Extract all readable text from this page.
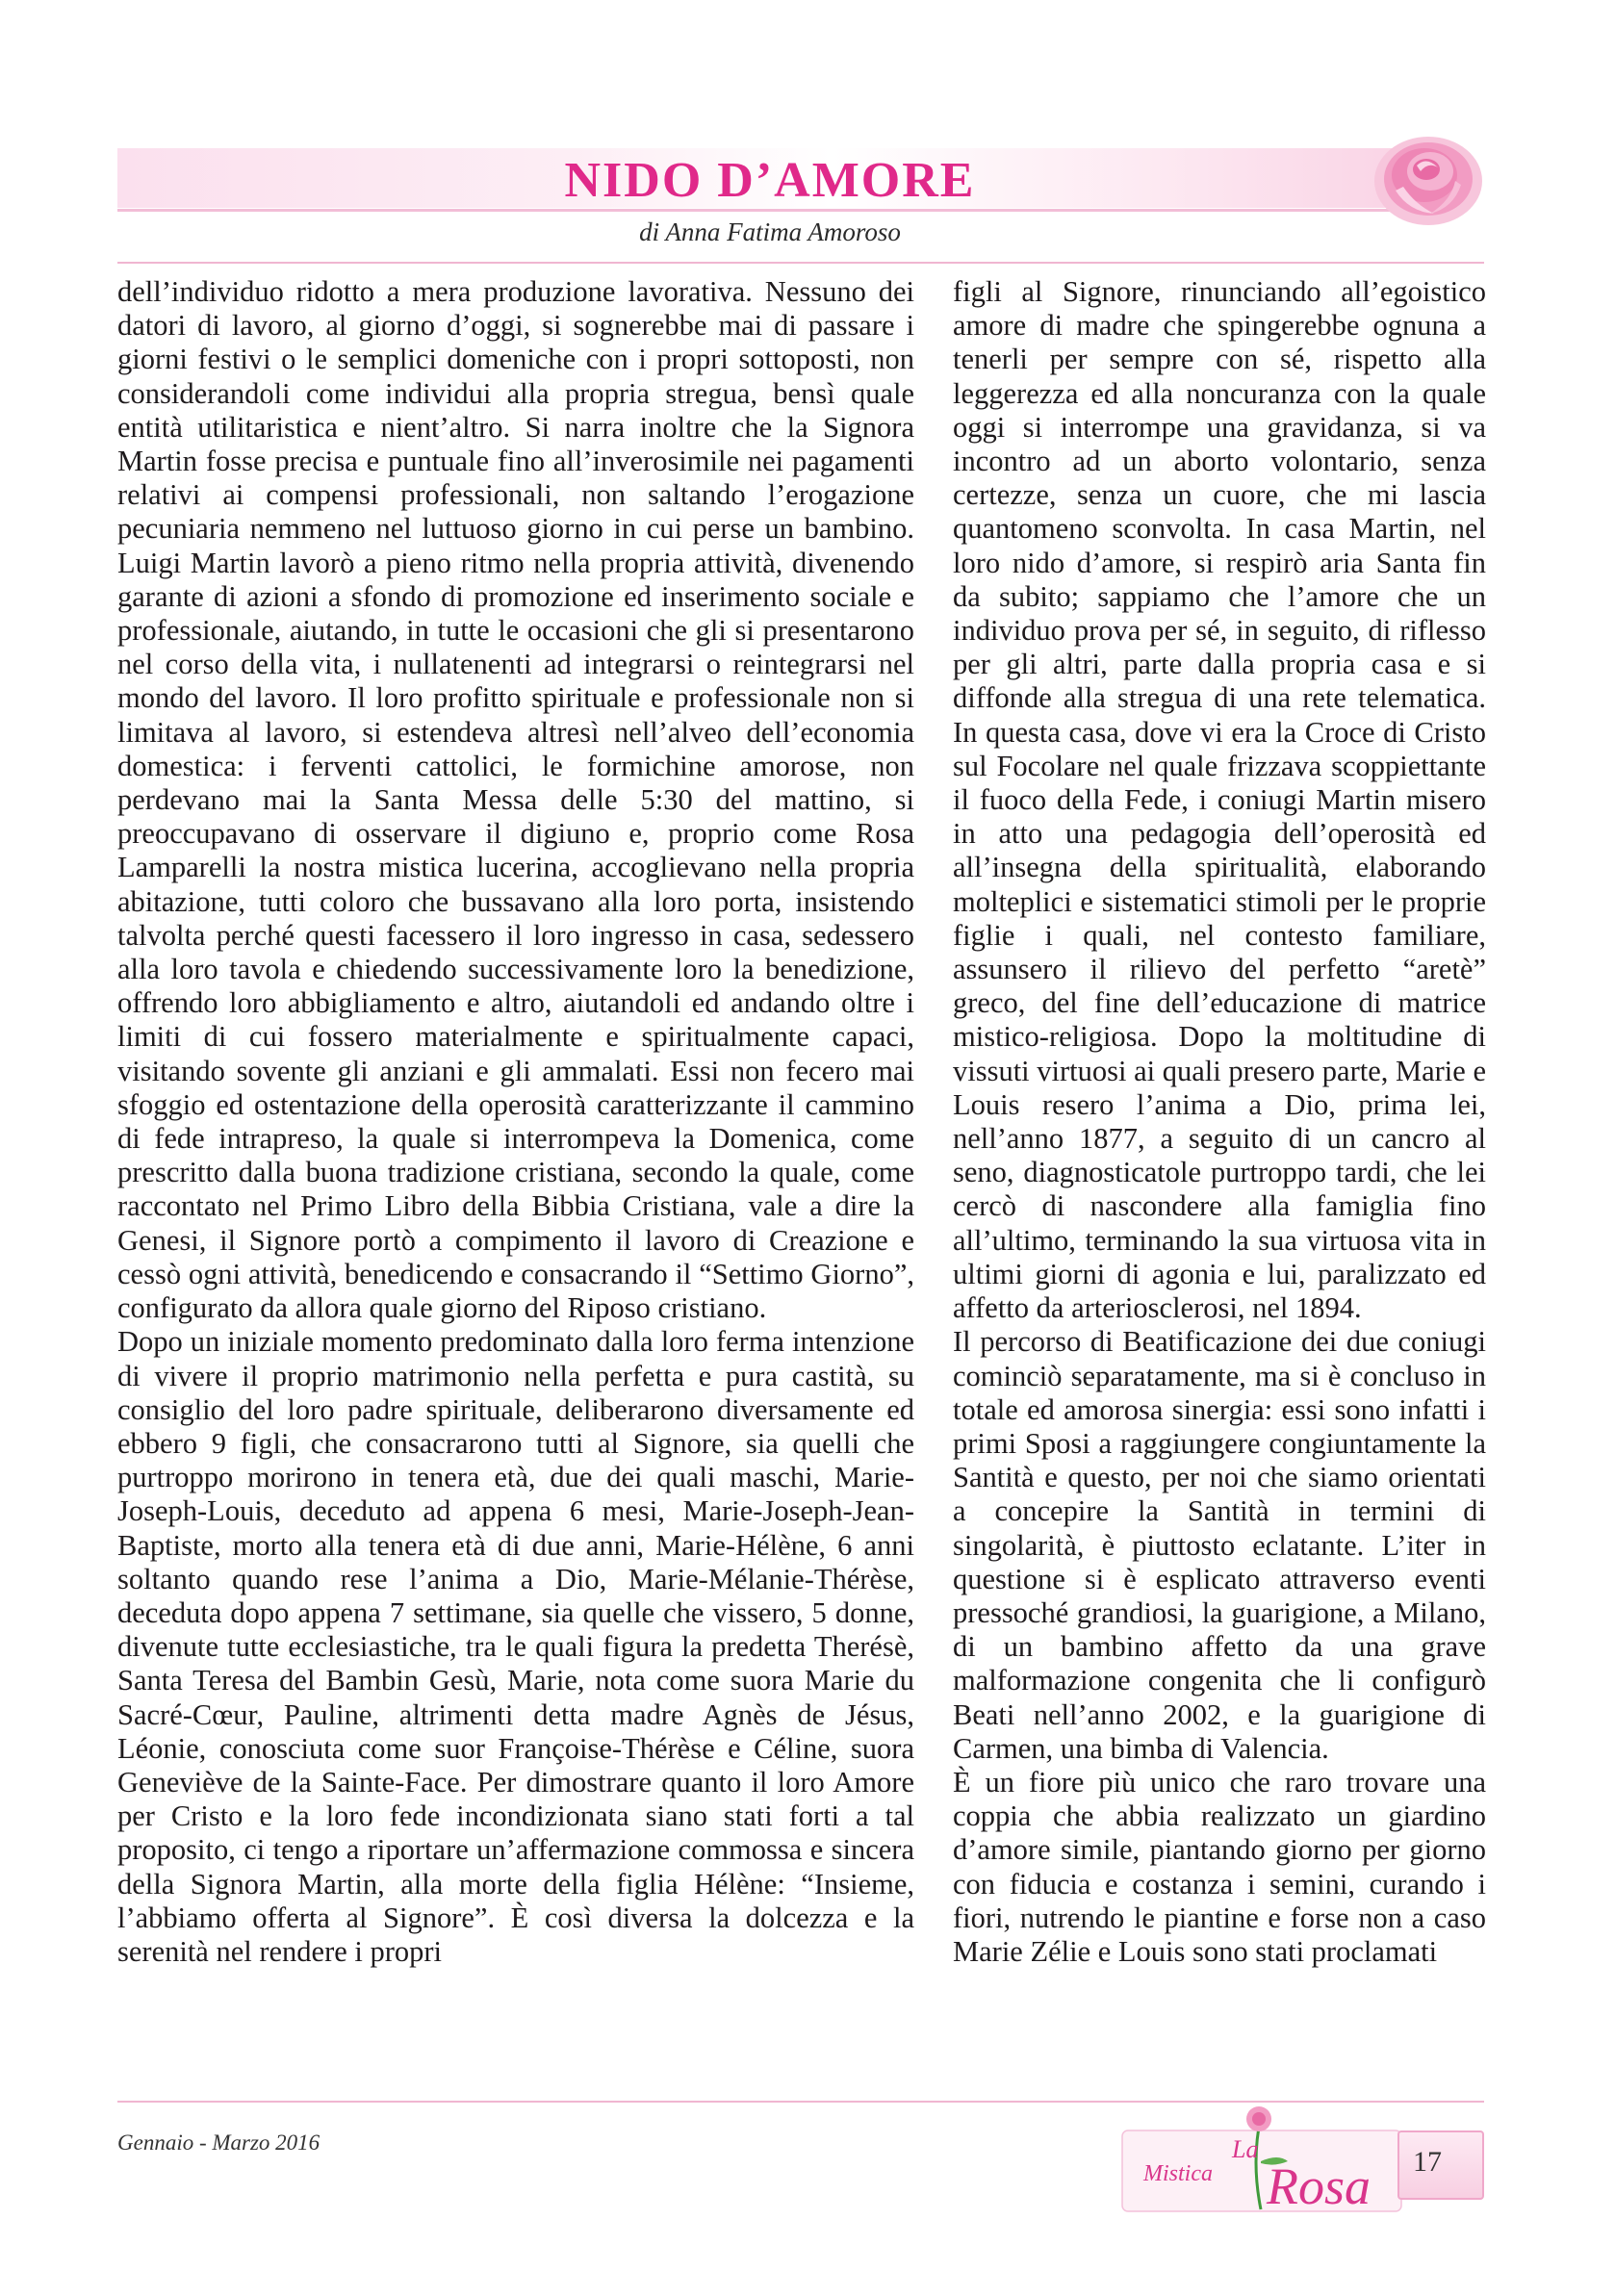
NIDO D’AMORE
di Anna Fatima Amoroso

dell’individuo ridotto a mera produzione lavorativa. Nessuno dei datori di lavoro, al giorno d’oggi, si sognerebbe mai di passare i giorni festivi o le semplici domeniche con i propri sottoposti, non considerandoli come individui alla propria stregua, bensì quale entità utilitaristica e nient’altro. Si narra inoltre che la Signora Martin fosse precisa e puntuale fino all’inverosimile nei pagamenti relativi ai compensi professionali, non saltando l’erogazione pecuniaria nemmeno nel luttuoso giorno in cui perse un bambino. Luigi Martin lavorò a pieno ritmo nella propria attività, divenendo garante di azioni a sfondo di promozione ed inserimento sociale e professionale, aiutando, in tutte le occasioni che gli si presentarono nel corso della vita, i nullatenenti ad integrarsi o reintegrarsi nel mondo del lavoro. Il loro profitto spirituale e professionale non si limitava al lavoro, si estendeva altresì nell’alveo dell’economia domestica: i ferventi cattolici, le formichine amorose, non perdevano mai la Santa Messa delle 5:30 del mattino, si preoccupavano di osservare il digiuno e, proprio come Rosa Lamparelli la nostra mistica lucerina, accoglievano nella propria abitazione, tutti coloro che bussavano alla loro porta, insistendo talvolta perché questi facessero il loro ingresso in casa, sedessero alla loro tavola e chiedendo successivamente loro la benedizione, offrendo loro abbigliamento e altro, aiutandoli ed andando oltre i limiti di cui fossero materialmente e spiritualmente capaci, visitando sovente gli anziani e gli ammalati. Essi non fecero mai sfoggio ed ostentazione della operosità caratterizzante il cammino di fede intrapreso, la quale si interrompeva la Domenica, come prescritto dalla buona tradizione cristiana, secondo la quale, come raccontato nel Primo Libro della Bibbia Cristiana, vale a dire la Genesi, il Signore portò a compimento il lavoro di Creazione e cessò ogni attività, benedicendo e consacrando il “Settimo Giorno”, configurato da allora quale giorno del Riposo cristiano.

Dopo un iniziale momento predominato dalla loro ferma intenzione di vivere il proprio matrimonio nella perfetta e pura castità, su consiglio del loro padre spirituale, deliberarono diversamente ed ebbero 9 figli, che consacrarono tutti al Signore, sia quelli che purtroppo morirono in tenera età, due dei quali maschi, Marie-Joseph-Louis, deceduto ad appena 6 mesi, Marie-Joseph-Jean-Baptiste, morto alla tenera età di due anni, Marie-Hélène, 6 anni soltanto quando rese l’anima a Dio, Marie-Mélanie-Thérèse, deceduta dopo appena 7 settimane, sia quelle che vissero, 5 donne, divenute tutte ecclesiastiche, tra le quali figura la predetta Therésè, Santa Teresa del Bambin Gesù, Marie, nota come suora Marie du Sacré-Cœur, Pauline, altrimenti detta madre Agnès de Jésus, Léonie, conosciuta come suor Françoise-Thérèse e Céline, suora Geneviève de la Sainte-Face. Per dimostrare quanto il loro Amore per Cristo e la loro fede incondizionata siano stati forti a tal proposito, ci tengo a riportare un’affermazione commossa e sincera della Signora Martin, alla morte della figlia Hélène: “Insieme, l’abbiamo offerta al Signore”. È così diversa la dolcezza e la serenità nel rendere i propri

figli al Signore, rinunciando all’egoistico amore di madre che spingerebbe ognuna a tenerli per sempre con sé, rispetto alla leggerezza ed alla noncuranza con la quale oggi si interrompe una gravidanza, si va incontro ad un aborto volontario, senza certezze, senza un cuore, che mi lascia quantomeno sconvolta. In casa Martin, nel loro nido d’amore, si respirò aria Santa fin da subito; sappiamo che l’amore che un individuo prova per sé, in seguito, di riflesso per gli altri, parte dalla propria casa e si diffonde alla stregua di una rete telematica. In questa casa, dove vi era la Croce di Cristo sul Focolare nel quale frizzava scoppiettante il fuoco della Fede, i coniugi Martin misero in atto una pedagogia dell’operosità ed all’insegna della spiritualità, elaborando molteplici e sistematici stimoli per le proprie figlie i quali, nel contesto familiare, assunsero il rilievo del perfetto “aretè” greco, del fine dell’educazione di matrice mistico-religiosa. Dopo la moltitudine di vissuti virtuosi ai quali presero parte, Marie e Louis resero l’anima a Dio, prima lei, nell’anno 1877, a seguito di un cancro al seno, diagnosticatole purtroppo tardi, che lei cercò di nascondere alla famiglia fino all’ultimo, terminando la sua virtuosa vita in ultimi giorni di agonia e lui, paralizzato ed affetto da arteriosclerosi, nel 1894.

Il percorso di Beatificazione dei due coniugi cominciò separatamente, ma si è concluso in totale ed amorosa sinergia: essi sono infatti i primi Sposi a raggiungere congiuntamente la Santità e questo, per noi che siamo orientati a concepire la Santità in termini di singolarità, è piuttosto eclatante. L’iter in questione si è esplicato attraverso eventi pressoché grandiosi, la guarigione, a Milano, di un bambino affetto da una grave malformazione congenita che li configurò Beati nell’anno 2002, e la guarigione di Carmen, una bimba di Valencia.

È un fiore più unico che raro trovare una coppia che abbia realizzato un giardino d’amore simile, piantando giorno per giorno con fiducia e costanza i semini, curando i fiori, nutrendo le piantine e forse non a caso Marie Zélie e Louis sono stati proclamati

Gennaio - Marzo 2016	La
Mistica Rosa	17
